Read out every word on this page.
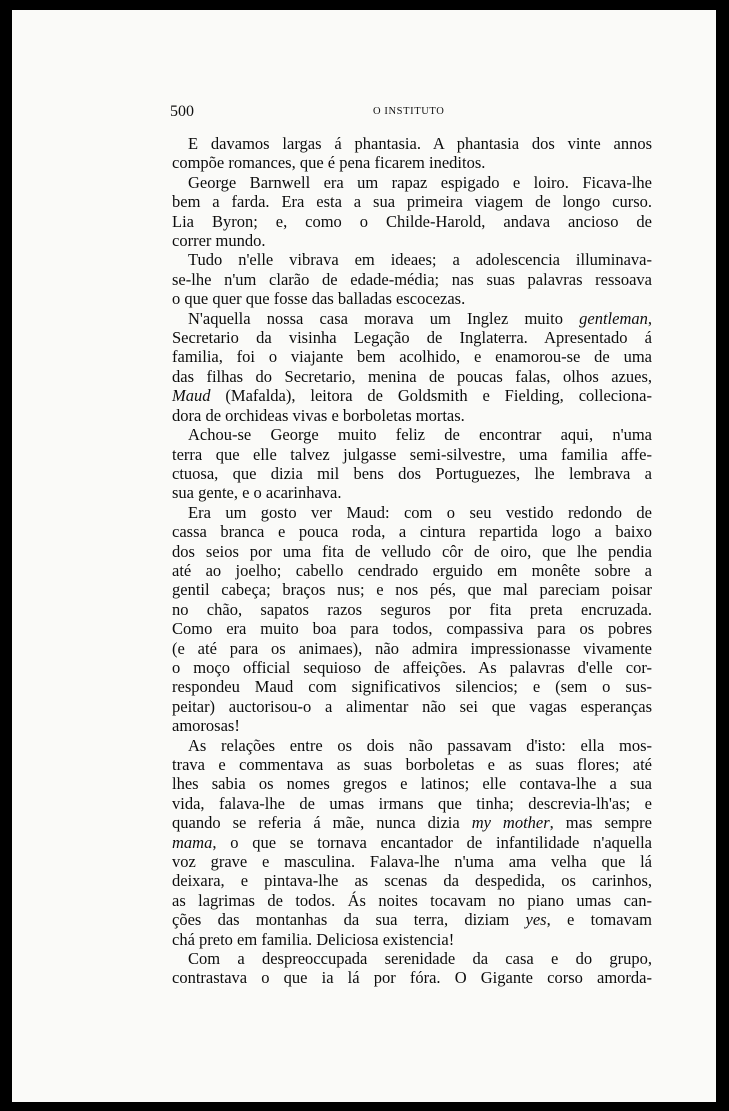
500	O INSTITUTO
E davamos largas á phantasia. A phantasia dos vinte annos
compõe romances, que é pena ficarem ineditos.
George Barnwell era um rapaz espigado e loiro. Ficava-lhe
bem a farda. Era esta a sua primeira viagem de longo curso.
Lia Byron; e, como o Childe-Harold, andava ancioso de
correr mundo.
Tudo n'elle vibrava em ideaes; a adolescencia illuminava-
se-lhe n'um clarão de edade-média; nas suas palavras ressoava
o que quer que fosse das balladas escocezas.
N'aquella nossa casa morava um Inglez muito gentleman,
Secretario da visinha Legação de Inglaterra. Apresentado á
familia, foi o viajante bem acolhido, e enamorou-se de uma
das filhas do Secretario, menina de poucas falas, olhos azues,
Maud (Mafalda), leitora de Goldsmith e Fielding, colleciona-
dora de orchideas vivas e borboletas mortas.
Achou-se George muito feliz de encontrar aqui, n'uma
terra que elle talvez julgasse semi-silvestre, uma familia affe-
ctuosa, que dizia mil bens dos Portuguezes, lhe lembrava a
sua gente, e o acarinhava.
Era um gosto ver Maud: com o seu vestido redondo de
cassa branca e pouca roda, a cintura repartida logo a baixo
dos seios por uma fita de velludo côr de oiro, que lhe pendia
até ao joelho; cabello cendrado erguido em monête sobre a
gentil cabeça; braços nus; e nos pés, que mal pareciam poisar
no chão, sapatos razos seguros por fita preta encruzada.
Como era muito boa para todos, compassiva para os pobres
(e até para os animaes), não admira impressionasse vivamente
o moço official sequioso de affeições. As palavras d'elle cor-
respondeu Maud com significativos silencios; e (sem o sus-
peitar) auctorisou-o a alimentar não sei que vagas esperanças
amorosas!
As relações entre os dois não passavam d'isto: ella mos-
trava e commentava as suas borboletas e as suas flores; até
lhes sabia os nomes gregos e latinos; elle contava-lhe a sua
vida, falava-lhe de umas irmans que tinha; descrevia-lh'as; e
quando se referia á mãe, nunca dizia my mother, mas sempre
mama, o que se tornava encantador de infantilidade n'aquella
voz grave e masculina. Falava-lhe n'uma ama velha que lá
deixara, e pintava-lhe as scenas da despedida, os carinhos,
as lagrimas de todos. Ás noites tocavam no piano umas can-
ções das montanhas da sua terra, diziam yes, e tomavam
chá preto em familia. Deliciosa existencia!
Com a despreoccupada serenidade da casa e do grupo,
contrastava o que ia lá por fóra. O Gigante corso amorda-
